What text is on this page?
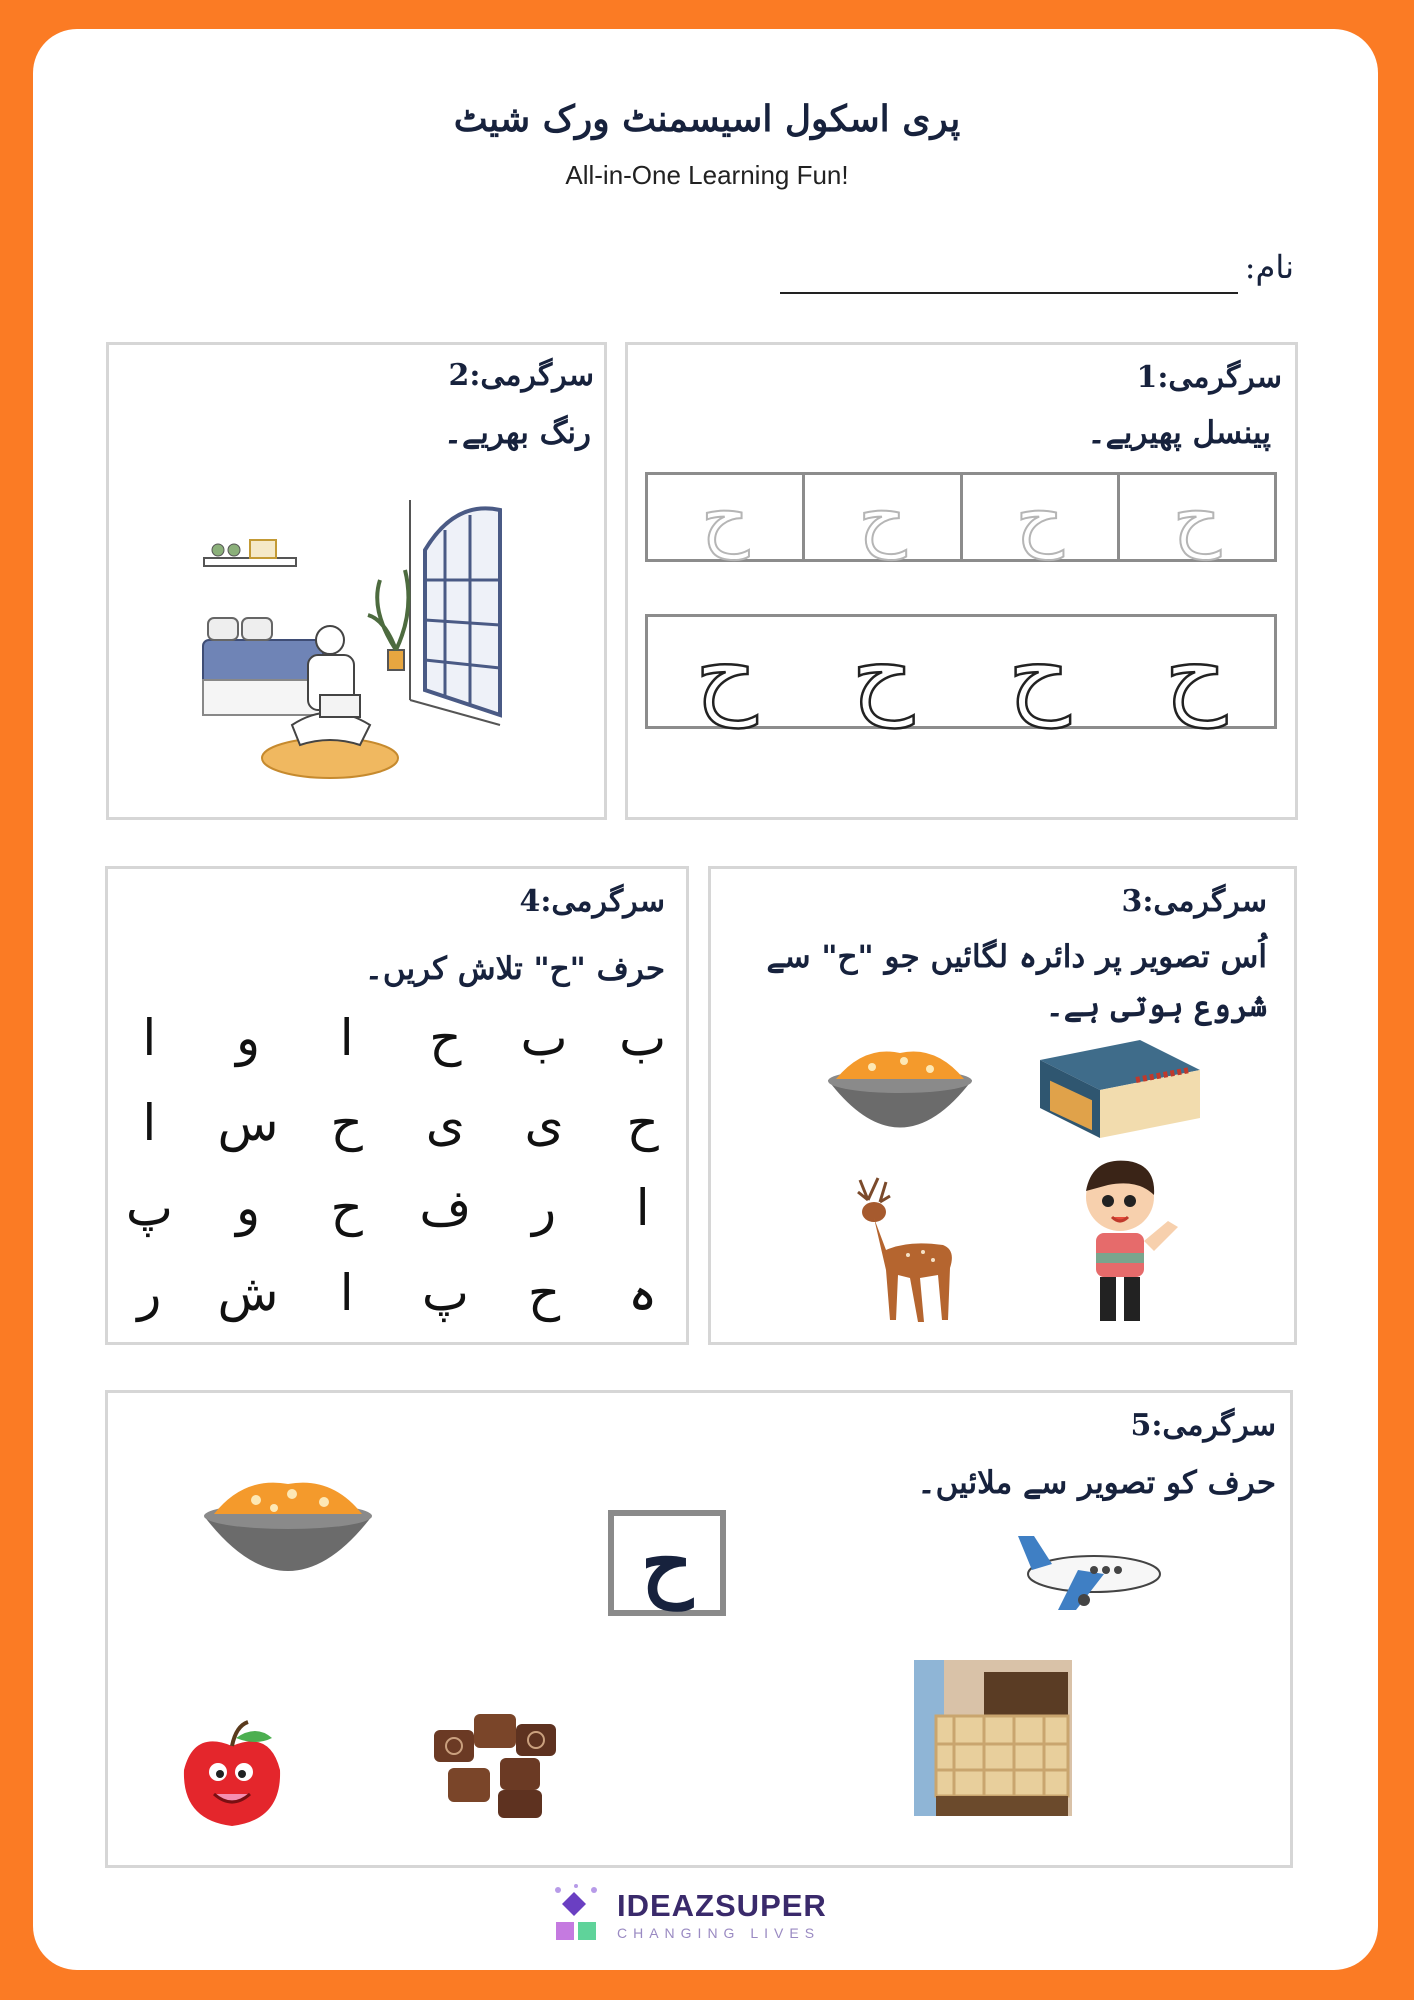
پری اسکول اسیسمنٹ ورک شیٹ
All-in-One Learning Fun!
نام:
سرگرمی:1
پینسل پھیریے۔
ح
ح
ح
ح
ح
ح
ح
ح
سرگرمی:2
رنگ بھریے۔
سرگرمی:3
اُس تصویر پر دائرہ لگائیں جو "ح" سے
شروع ہوتی ہے۔
سرگرمی:4
حرف "ح" تلاش کریں۔
ب
ب
ح
ا
و
ا
ح
ی
ی
ح
س
ا
ا
ر
ف
ح
و
پ
ہ
ح
پ
ا
ش
ر
سرگرمی:5
حرف کو تصویر سے ملائیں۔
ح
IDEAZSUPER
CHANGING LIVES
